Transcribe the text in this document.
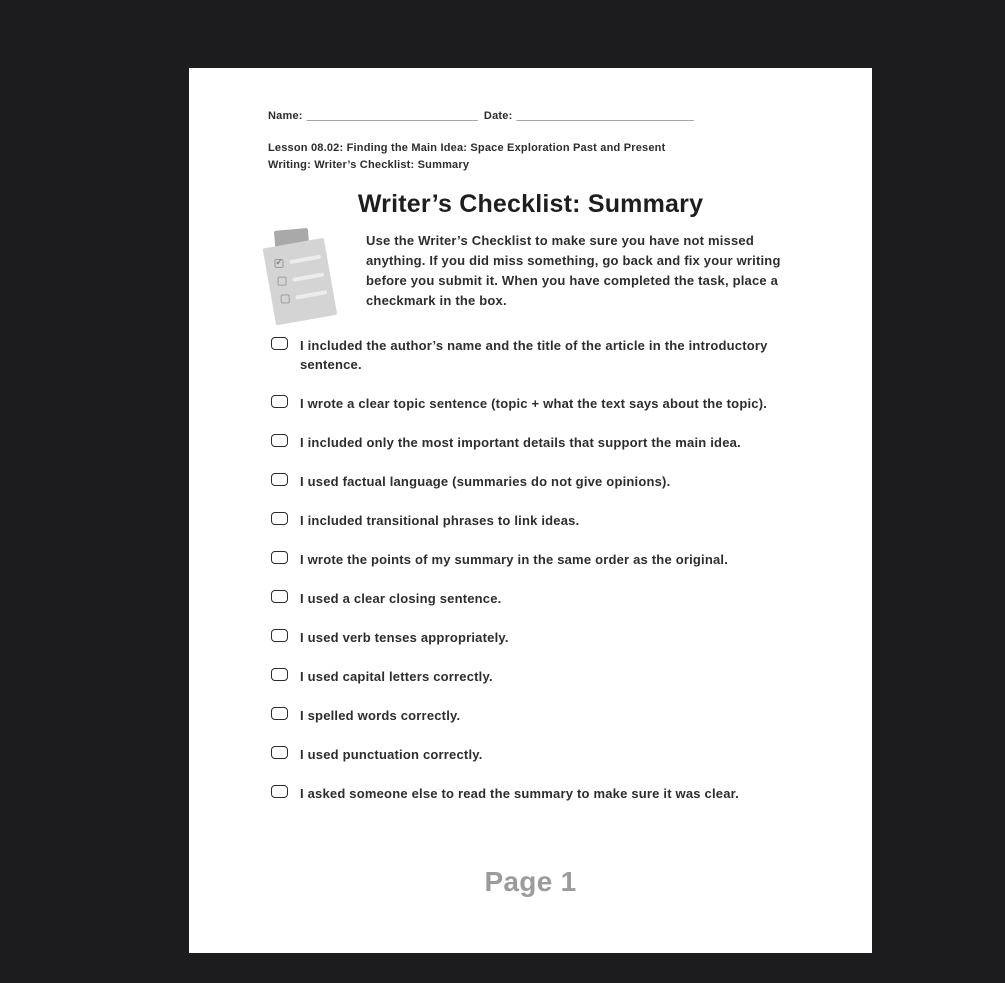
Name: ____________________________ Date: _____________________________
Lesson 08.02: Finding the Main Idea: Space Exploration Past and Present
Writing: Writer’s Checklist: Summary
Writer’s Checklist: Summary
✓

Use the Writer’s Checklist to make sure you have not missed anything. If you did miss something, go back and fix your writing before you submit it. When you have completed the task, place a checkmark in the box.

I included the author’s name and the title of the article in the introductory sentence.
I wrote a clear topic sentence (topic + what the text says about the topic).
I included only the most important details that support the main idea.
I used factual language (summaries do not give opinions).
I included transitional phrases to link ideas.
I wrote the points of my summary in the same order as the original.
I used a clear closing sentence.
I used verb tenses appropriately.
I used capital letters correctly.
I spelled words correctly.
I used punctuation correctly.
I asked someone else to read the summary to make sure it was clear.
Page 1
